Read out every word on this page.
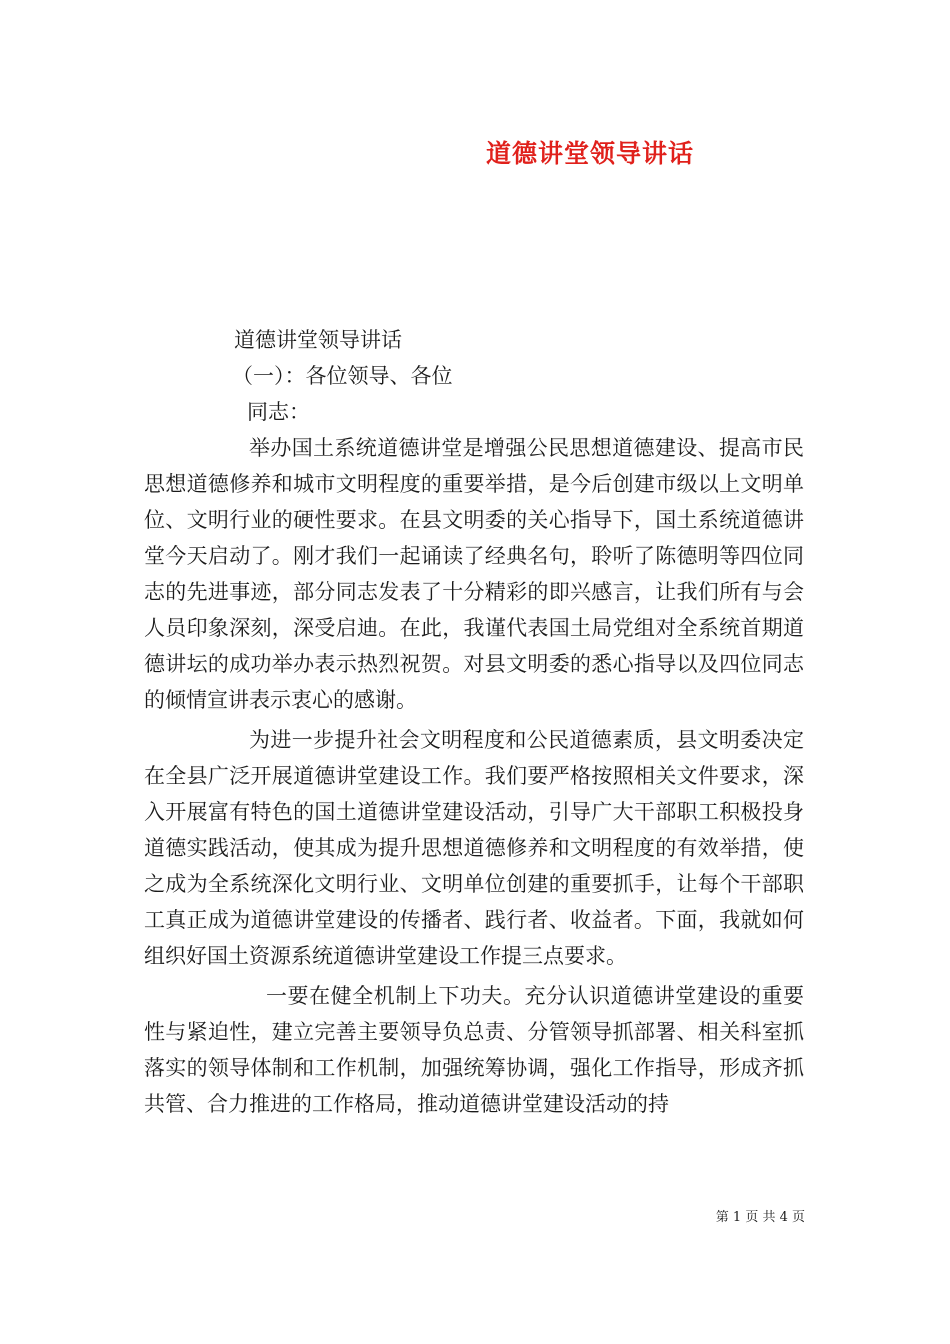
道德讲堂领导讲话
道德讲堂领导讲话
（一）：各位领导、各位
同志：

举办国土系统道德讲堂是增强公民思想道德建设、提高市民思想道德修养和城市文明程度的重要举措，是今后创建市级以上文明单位、文明行业的硬性要求。在县文明委的关心指导下，国土系统道德讲堂今天启动了。刚才我们一起诵读了经典名句，聆听了陈德明等四位同志的先进事迹，部分同志发表了十分精彩的即兴感言，让我们所有与会人员印象深刻，深受启迪。在此，我谨代表国土局党组对全系统首期道德讲坛的成功举办表示热烈祝贺。对县文明委的悉心指导以及四位同志的倾情宣讲表示衷心的感谢。

为进一步提升社会文明程度和公民道德素质，县文明委决定在全县广泛开展道德讲堂建设工作。我们要严格按照相关文件要求，深入开展富有特色的国土道德讲堂建设活动，引导广大干部职工积极投身道德实践活动，使其成为提升思想道德修养和文明程度的有效举措，使之成为全系统深化文明行业、文明单位创建的重要抓手，让每个干部职工真正成为道德讲堂建设的传播者、践行者、收益者。下面，我就如何组织好国土资源系统道德讲堂建设工作提三点要求。

一要在健全机制上下功夫。充分认识道德讲堂建设的重要性与紧迫性，建立完善主要领导负总责、分管领导抓部署、相关科室抓落实的领导体制和工作机制，加强统筹协调，强化工作指导，形成齐抓共管、合力推进的工作格局，推动道德讲堂建设活动的持

第 1 页 共 4 页
